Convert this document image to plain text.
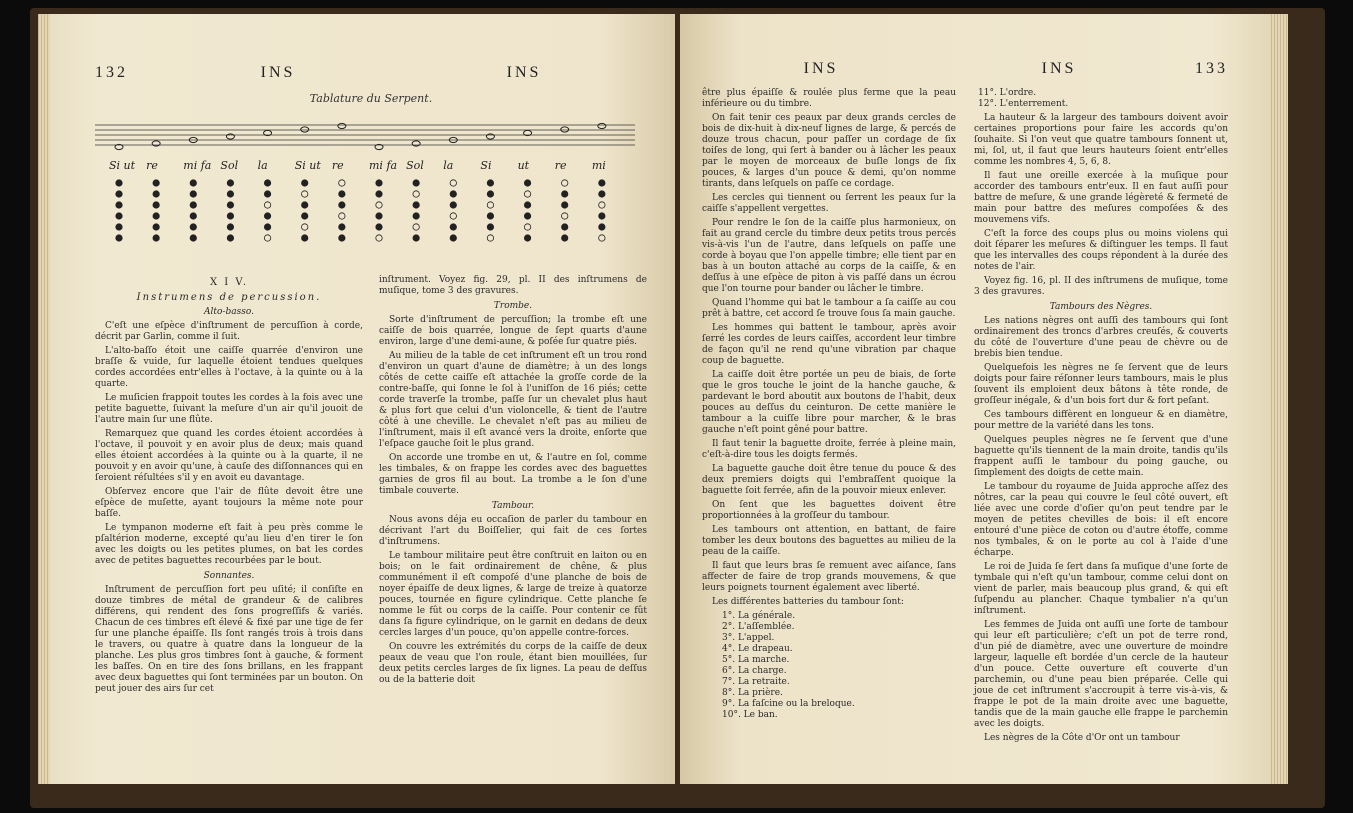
132	INS	INS
Tablature du Serpent.
Si ut re mi fa Sol la Si ut re mi fa Sol la Si ut re mi
X I V.
Instrumens de percussion.
Alto-basso.

C'eſt une eſpèce d'inſtrument de percuſſion à corde, décrit par Garlin, comme il ſuit.

L'alto-baſſo étoit une caiſſe quarrée d'environ une braſſe & vuide, ſur laquelle étoient tendues quelques cordes accordées entr'elles à l'octave, à la quinte ou à la quarte.

Le muſicien frappoit toutes les cordes à la fois avec une petite baguette, ſuivant la meſure d'un air qu'il jouoit de l'autre main ſur une flûte.

Remarquez que quand les cordes étoient accordées à l'octave, il pouvoit y en avoir plus de deux; mais quand elles étoient accordées à la quinte ou à la quarte, il ne pouvoit y en avoir qu'une, à cauſe des diſſonnances qui en ſeroient réſultées s'il y en avoit eu davantage.

Obſervez encore que l'air de flûte devoit être une eſpèce de muſette, ayant toujours la même note pour baſſe.

Le tympanon moderne eſt fait à peu près comme le pſaltérion moderne, excepté qu'au lieu d'en tirer le ſon avec les doigts ou les petites plumes, on bat les cordes avec de petites baguettes recourbées par le bout.

Sonnantes.

Inſtrument de percuſſion fort peu uſité; il conſiſte en douze timbres de métal de grandeur & de calibres différens, qui rendent des ſons progreſſifs & variés. Chacun de ces timbres eſt élevé & fixé par une tige de fer ſur une planche épaiſſe. Ils ſont rangés trois à trois dans le travers, ou quatre à quatre dans la longueur de la planche. Les plus gros timbres ſont à gauche, & forment les baſſes. On en tire des ſons brillans, en les frappant avec deux baguettes qui ſont terminées par un bouton. On peut jouer des airs ſur cet

inſtrument. Voyez fig. 29, pl. II des inſtrumens de muſique, tome 3 des gravures.

Trombe.

Sorte d'inſtrument de percuſſion; la trombe eſt une caiſſe de bois quarrée, longue de ſept quarts d'aune environ, large d'une demi-aune, & poſée ſur quatre piés.

Au milieu de la table de cet inſtrument eſt un trou rond d'environ un quart d'aune de diamètre; à un des longs côtés de cette caiſſe eſt attachée la groſſe corde de la contre-baſſe, qui ſonne le ſol à l'uniſſon de 16 piés; cette corde traverſe la trombe, paſſe ſur un chevalet plus haut & plus fort que celui d'un violoncelle, & tient de l'autre côté à une cheville. Le chevalet n'eſt pas au milieu de l'inſtrument, mais il eſt avancé vers la droite, enſorte que l'eſpace gauche ſoit le plus grand.

On accorde une trombe en ut, & l'autre en ſol, comme les timbales, & on frappe les cordes avec des baguettes garnies de gros fil au bout. La trombe a le ſon d'une timbale couverte.

Tambour.

Nous avons déja eu occaſion de parler du tambour en décrivant l'art du Boiſſelier, qui fait de ces ſortes d'inſtrumens.

Le tambour militaire peut être conſtruit en laiton ou en bois; on le fait ordinairement de chêne, & plus communément il eſt compoſé d'une planche de bois de noyer épaiſſe de deux lignes, & large de treize à quatorze pouces, tournée en figure cylindrique. Cette planche ſe nomme le fût ou corps de la caiſſe. Pour contenir ce fût dans ſa figure cylindrique, on le garnit en dedans de deux cercles larges d'un pouce, qu'on appelle contre-forces.

On couvre les extrémités du corps de la caiſſe de deux peaux de veau que l'on roule, étant bien mouillées, ſur deux petits cercles larges de ſix lignes. La peau de deſſus ou de la batterie doit

INS	INS	133

être plus épaiſſe & roulée plus ferme que la peau inférieure ou du timbre.

On fait tenir ces peaux par deux grands cercles de bois de dix-huit à dix-neuf lignes de large, & percés de douze trous chacun, pour paſſer un cordage de ſix toiſes de long, qui ſert à bander ou à lâcher les peaux par le moyen de morceaux de buſle longs de ſix pouces, & larges d'un pouce & demi, qu'on nomme tirants, dans leſquels on paſſe ce cordage.

Les cercles qui tiennent ou ſerrent les peaux ſur la caiſſe s'appellent vergettes.

Pour rendre le ſon de la caiſſe plus harmonieux, on fait au grand cercle du timbre deux petits trous percés vis-à-vis l'un de l'autre, dans leſquels on paſſe une corde à boyau que l'on appelle timbre; elle tient par en bas à un bouton attaché au corps de la caiſſe, & en deſſus à une eſpèce de piton à vis paſſé dans un écrou que l'on tourne pour bander ou lâcher le timbre.

Quand l'homme qui bat le tambour a ſa caiſſe au cou prêt à battre, cet accord ſe trouve ſous ſa main gauche.

Les hommes qui battent le tambour, après avoir ſerré les cordes de leurs caiſſes, accordent leur timbre de façon qu'il ne rend qu'une vibration par chaque coup de baguette.

La caiſſe doit être portée un peu de biais, de ſorte que le gros touche le joint de la hanche gauche, & pardevant le bord aboutit aux boutons de l'habit, deux pouces au deſſus du ceinturon. De cette manière le tambour a la cuiſſe libre pour marcher, & le bras gauche n'eſt point gêné pour battre.

Il faut tenir la baguette droite, ferrée à pleine main, c'eſt-à-dire tous les doigts fermés.

La baguette gauche doit être tenue du pouce & des deux premiers doigts qui l'embraſſent quoique la baguette ſoit ferrée, afin de la pouvoir mieux enlever.

On ſent que les baguettes doivent être proportionnées à la groſſeur du tambour.

Les tambours ont attention, en battant, de faire tomber les deux boutons des baguettes au milieu de la peau de la caiſſe.

Il faut que leurs bras ſe remuent avec aiſance, ſans affecter de faire de trop grands mouvemens, & que leurs poignets tournent également avec liberté.

Les différentes batteries du tambour ſont:

1°. La générale.
2°. L'aſſemblée.
3°. L'appel.
4°. Le drapeau.
5°. La marche.
6°. La charge.
7°. La retraite.
8°. La prière.
9°. La faſcine ou la breloque.
10°. Le ban.
11°. L'ordre.
12°. L'enterrement.

La hauteur & la largeur des tambours doivent avoir certaines proportions pour faire les accords qu'on ſouhaite. Si l'on veut que quatre tambours ſonnent ut, mi, ſol, ut, il faut que leurs hauteurs ſoient entr'elles comme les nombres 4, 5, 6, 8.

Il faut une oreille exercée à la muſique pour accorder des tambours entr'eux. Il en faut auſſi pour battre de meſure, & une grande légèreté & fermeté de main pour battre des meſures compoſées & des mouvemens vifs.

C'eſt la force des coups plus ou moins violens qui doit ſéparer les meſures & diſtinguer les temps. Il faut que les intervalles des coups répondent à la durée des notes de l'air.

Voyez fig. 16, pl. II des inſtrumens de muſique, tome 3 des gravures.

Tambours des Nègres.

Les nations nègres ont auſſi des tambours qui ſont ordinairement des troncs d'arbres creuſés, & couverts du côté de l'ouverture d'une peau de chèvre ou de brebis bien tendue.

Quelquefois les nègres ne ſe ſervent que de leurs doigts pour faire réſonner leurs tambours, mais le plus ſouvent ils emploient deux bâtons à tête ronde, de groſſeur inégale, & d'un bois fort dur & fort peſant.

Ces tambours diffèrent en longueur & en diamètre, pour mettre de la variété dans les tons.

Quelques peuples nègres ne ſe ſervent que d'une baguette qu'ils tiennent de la main droite, tandis qu'ils frappent auſſi le tambour du poing gauche, ou ſimplement des doigts de cette main.

Le tambour du royaume de Juida approche aſſez des nôtres, car la peau qui couvre le ſeul côté ouvert, eſt liée avec une corde d'oſier qu'on peut tendre par le moyen de petites chevilles de bois: il eſt encore entouré d'une pièce de coton ou d'autre étoffe, comme nos tymbales, & on le porte au col à l'aide d'une écharpe.

Le roi de Juida ſe ſert dans ſa muſique d'une ſorte de tymbale qui n'eſt qu'un tambour, comme celui dont on vient de parler, mais beaucoup plus grand, & qui eſt ſuſpendu au plancher. Chaque tymbalier n'a qu'un inſtrument.

Les femmes de Juida ont auſſi une ſorte de tambour qui leur eſt particulière; c'eſt un pot de terre rond, d'un pié de diamètre, avec une ouverture de moindre largeur, laquelle eſt bordée d'un cercle de la hauteur d'un pouce. Cette ouverture eſt couverte d'un parchemin, ou d'une peau bien préparée. Celle qui joue de cet inſtrument s'accroupit à terre vis-à-vis, & frappe le pot de la main droite avec une baguette, tandis que de la main gauche elle frappe le parchemin avec les doigts.

Les nègres de la Côte d'Or ont un tambour
